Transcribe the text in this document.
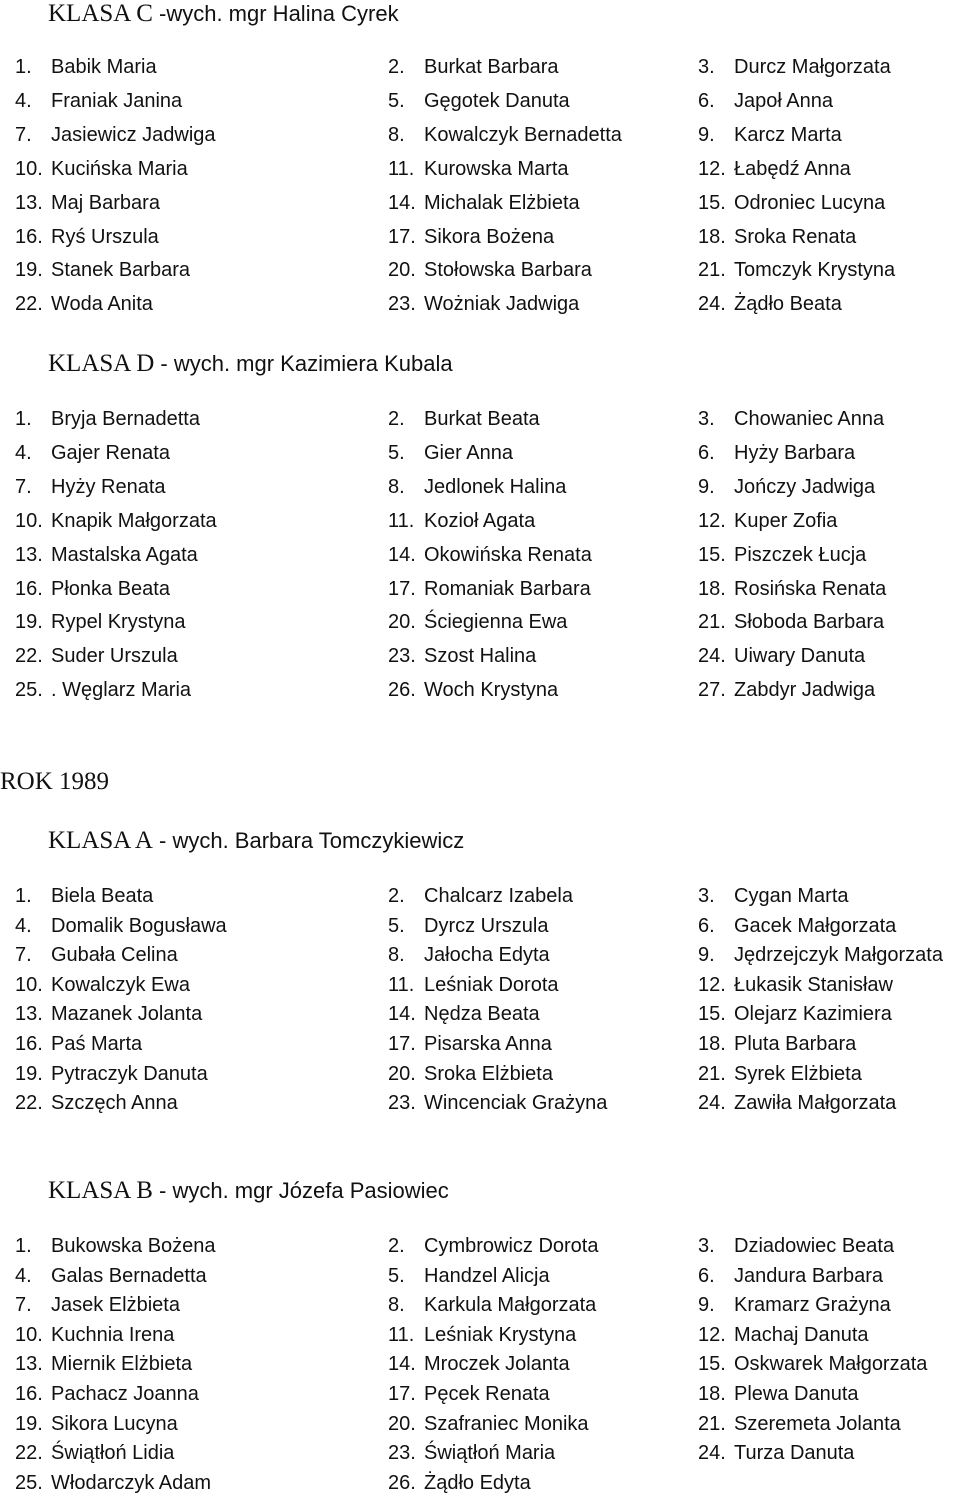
KLASA C -wych. mgr Halina Cyrek
1. Babik Maria	2. Burkat Barbara	3. Durcz Małgorzata
4. Franiak Janina	5. Gęgotek Danuta	6. Japoł Anna
7. Jasiewicz Jadwiga	8. Kowalczyk Bernadetta	9. Karcz Marta
10. Kucińska Maria	11. Kurowska Marta	12. Łabędź Anna
13. Maj Barbara	14. Michalak Elżbieta	15. Odroniec Lucyna
16. Ryś Urszula	17. Sikora Bożena	18. Sroka Renata
19. Stanek Barbara	20. Stołowska Barbara	21. Tomczyk Krystyna
22. Woda Anita	23. Wożniak Jadwiga	24. Żądło Beata
KLASA D - wych. mgr Kazimiera Kubala
1. Bryja Bernadetta	2. Burkat Beata	3. Chowaniec Anna
4. Gajer Renata	5. Gier Anna	6. Hyży Barbara
7. Hyży Renata	8. Jedlonek Halina	9. Jończy Jadwiga
10. Knapik Małgorzata	11. Kozioł Agata	12. Kuper Zofia
13. Mastalska Agata	14. Okowińska Renata	15. Piszczek Łucja
16. Płonka Beata	17. Romaniak Barbara	18. Rosińska Renata
19. Rypel Krystyna	20. Ściegienna Ewa	21. Słoboda Barbara
22. Suder Urszula	23. Szost Halina	24. Uiwary Danuta
25. . Węglarz Maria	26. Woch Krystyna	27. Zabdyr Jadwiga
KLASA A - wych. Barbara Tomczykiewicz
1. Biela Beata	2. Chalcarz Izabela	3. Cygan Marta
4. Domalik Bogusława	5. Dyrcz Urszula	6. Gacek Małgorzata
7. Gubała Celina	8. Jałocha Edyta	9. Jędrzejczyk Małgorzata
10. Kowalczyk Ewa	11. Leśniak Dorota	12. Łukasik Stanisław
13. Mazanek Jolanta	14. Nędza Beata	15. Olejarz Kazimiera
16. Paś Marta	17. Pisarska Anna	18. Pluta Barbara
19. Pytraczyk Danuta	20. Sroka Elżbieta	21. Syrek Elżbieta
22. Szczęch Anna	23. Wincenciak Grażyna	24. Zawiła Małgorzata
KLASA B - wych. mgr Józefa Pasiowiec
1. Bukowska Bożena	2. Cymbrowicz Dorota	3. Dziadowiec Beata
4. Galas Bernadetta	5. Handzel Alicja	6. Jandura Barbara
7. Jasek Elżbieta	8. Karkula Małgorzata	9. Kramarz Grażyna
10. Kuchnia Irena	11. Leśniak Krystyna	12. Machaj Danuta
13. Miernik Elżbieta	14. Mroczek Jolanta	15. Oskwarek Małgorzata
16. Pachacz Joanna	17. Pęcek Renata	18. Plewa Danuta
19. Sikora Lucyna	20. Szafraniec Monika	21. Szeremeta Jolanta
22. Świątłoń Lidia	23. Świątłoń Maria	24. Turza Danuta
25. Włodarczyk Adam	26. Żądło Edyta
ROK 1989
